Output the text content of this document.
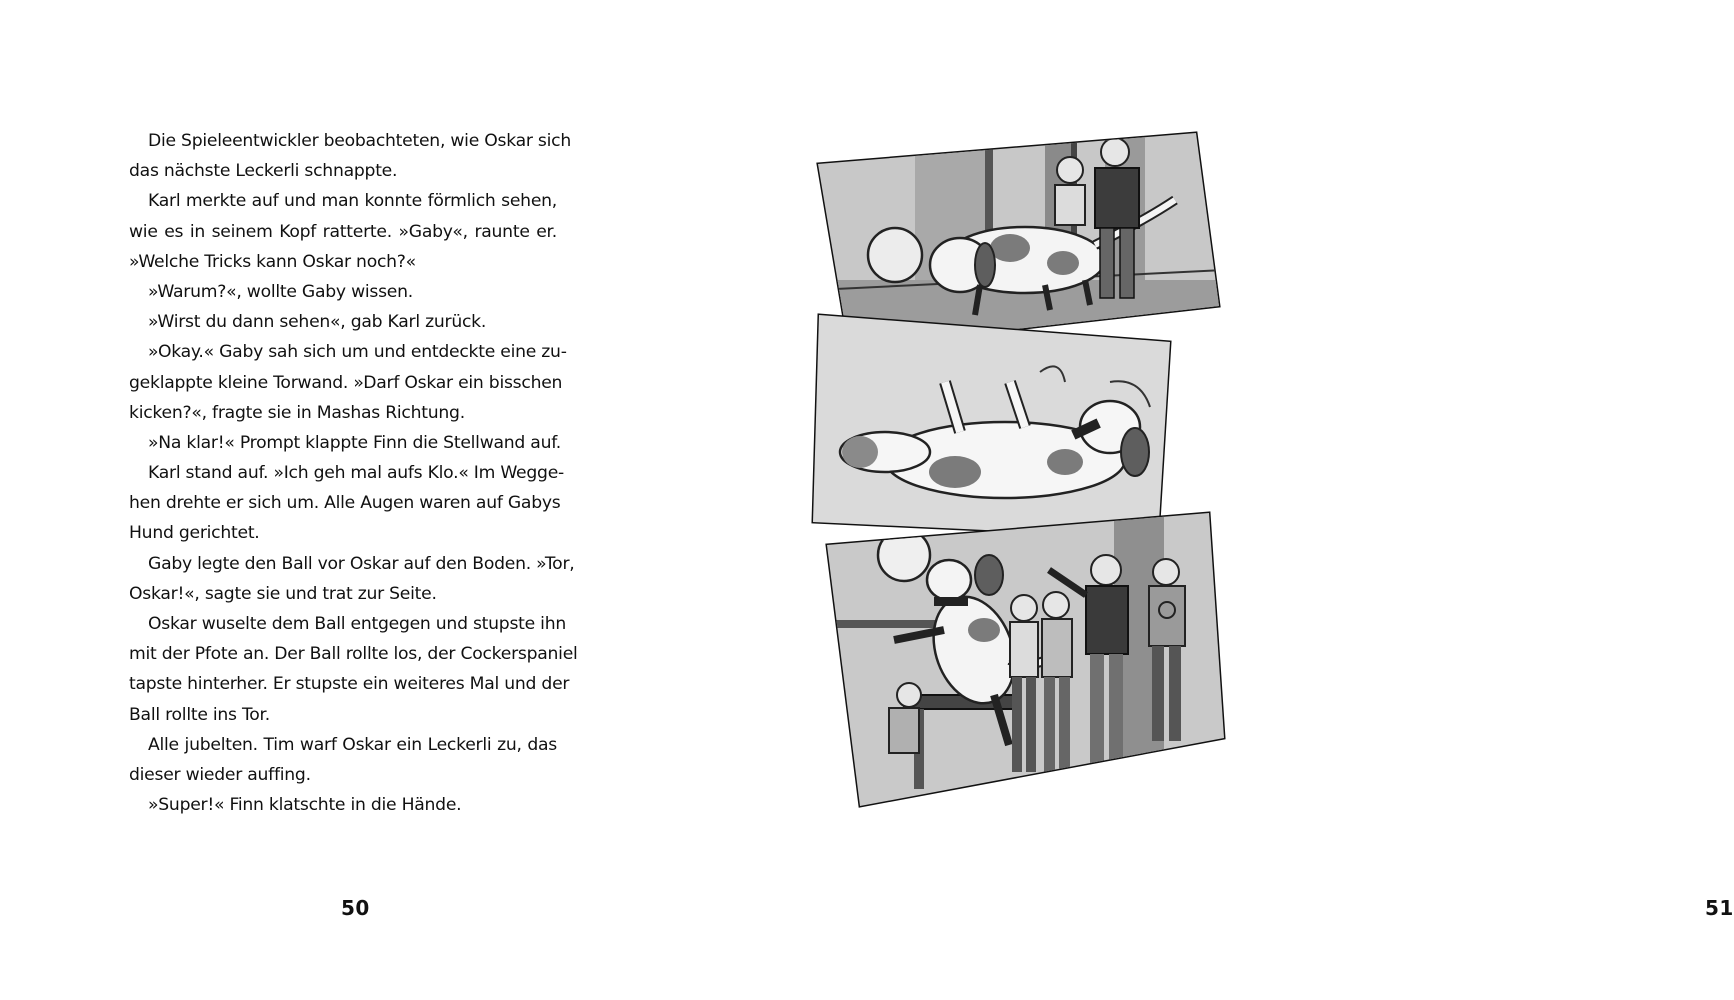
Die Spieleentwickler beobachteten, wie Oskar sich
das nächste Leckerli schnappte.
Karl merkte auf und man konnte förmlich sehen,
wie es in seinem Kopf ratterte. »Gaby«, raunte er.
»Welche Tricks kann Oskar noch?«
»Warum?«, wollte Gaby wissen.
»Wirst du dann sehen«, gab Karl zurück.
»Okay.« Gaby sah sich um und entdeckte eine zu-
geklappte kleine Torwand. »Darf Oskar ein bisschen
kicken?«, fragte sie in Mashas Richtung.
»Na klar!« Prompt klappte Finn die Stellwand auf.
Karl stand auf. »Ich geh mal aufs Klo.« Im Wegge-
hen drehte er sich um. Alle Augen waren auf Gabys
Hund gerichtet.
Gaby legte den Ball vor Oskar auf den Boden. »Tor,
Oskar!«, sagte sie und trat zur Seite.
Oskar wuselte dem Ball entgegen und stupste ihn
mit der Pfote an. Der Ball rollte los, der Cockerspaniel
tapste hinterher. Er stupste ein weiteres Mal und der
Ball rollte ins Tor.
Alle jubelten. Tim warf Oskar ein Leckerli zu, das
dieser wieder auffing.
»Super!« Finn klatschte in die Hände.
50	51
